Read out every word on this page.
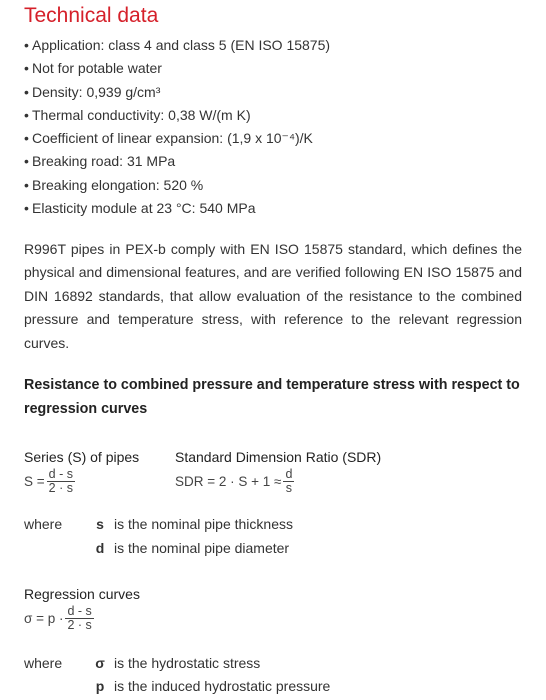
Technical data
• Application: class 4 and class 5 (EN ISO 15875)
• Not for potable water
• Density: 0,939 g/cm³
• Thermal conductivity: 0,38 W/(m K)
• Coefficient of linear expansion: (1,9 x 10⁻⁴)/K
• Breaking road: 31 MPa
• Breaking elongation: 520 %
• Elasticity module at 23 °C: 540 MPa

R996T pipes in PEX-b comply with EN ISO 15875 standard, which defines the physical and dimensional features, and are verified following EN ISO 15875 and DIN 16892 standards, that allow evaluation of the resistance to the combined pressure and temperature stress, with reference to the relevant regression curves.

Resistance to combined pressure and temperature stress with respect to regression curves

Series (S) of pipes
$S = \frac{d - s}{2 \cdot s}$
Standard Dimension Ratio (SDR)
SDR = $2 \cdot S + 1 \approx \frac{d}{s}$
where s is the nominal pipe thickness
d is the nominal pipe diameter
Regression curves
$\sigma = p \cdot \frac{d - s}{2 \cdot s}$
where σ is the hydrostatic stress
p is the induced hydrostatic pressure
